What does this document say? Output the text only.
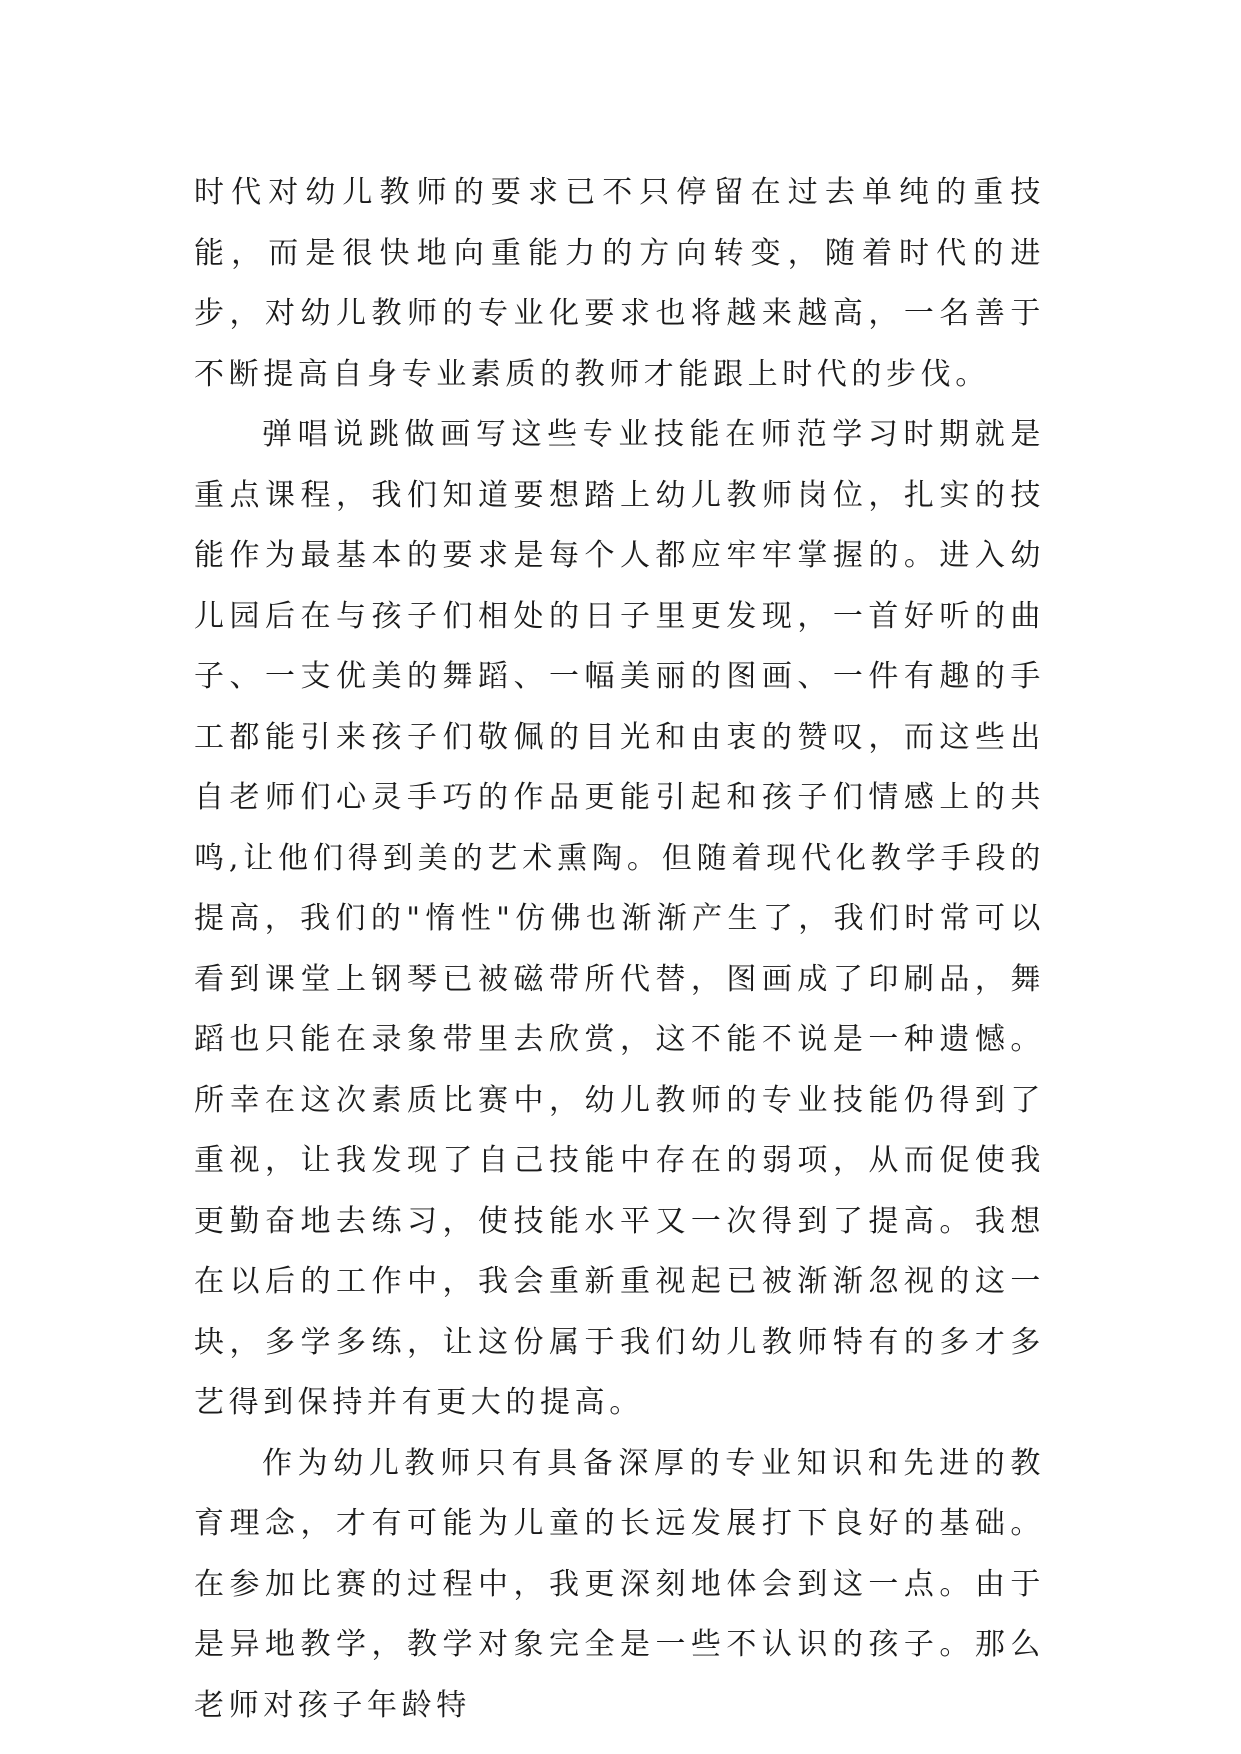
时代对幼儿教师的要求已不只停留在过去单纯的重技能，而是很快地向重能力的方向转变，随着时代的进步，对幼儿教师的专业化要求也将越来越高，一名善于不断提高自身专业素质的教师才能跟上时代的步伐。

弹唱说跳做画写这些专业技能在师范学习时期就是重点课程，我们知道要想踏上幼儿教师岗位，扎实的技能作为最基本的要求是每个人都应牢牢掌握的。进入幼儿园后在与孩子们相处的日子里更发现，一首好听的曲子、一支优美的舞蹈、一幅美丽的图画、一件有趣的手工都能引来孩子们敬佩的目光和由衷的赞叹，而这些出自老师们心灵手巧的作品更能引起和孩子们情感上的共鸣,让他们得到美的艺术熏陶。但随着现代化教学手段的提高，我们的"惰性"仿佛也渐渐产生了，我们时常可以看到课堂上钢琴已被磁带所代替，图画成了印刷品，舞蹈也只能在录象带里去欣赏，这不能不说是一种遗憾。所幸在这次素质比赛中，幼儿教师的专业技能仍得到了重视，让我发现了自己技能中存在的弱项，从而促使我更勤奋地去练习，使技能水平又一次得到了提高。我想在以后的工作中，我会重新重视起已被渐渐忽视的这一块，多学多练，让这份属于我们幼儿教师特有的多才多艺得到保持并有更大的提高。

作为幼儿教师只有具备深厚的专业知识和先进的教育理念，才有可能为儿童的长远发展打下良好的基础。在参加比赛的过程中，我更深刻地体会到这一点。由于是异地教学，教学对象完全是一些不认识的孩子。那么老师对孩子年龄特
